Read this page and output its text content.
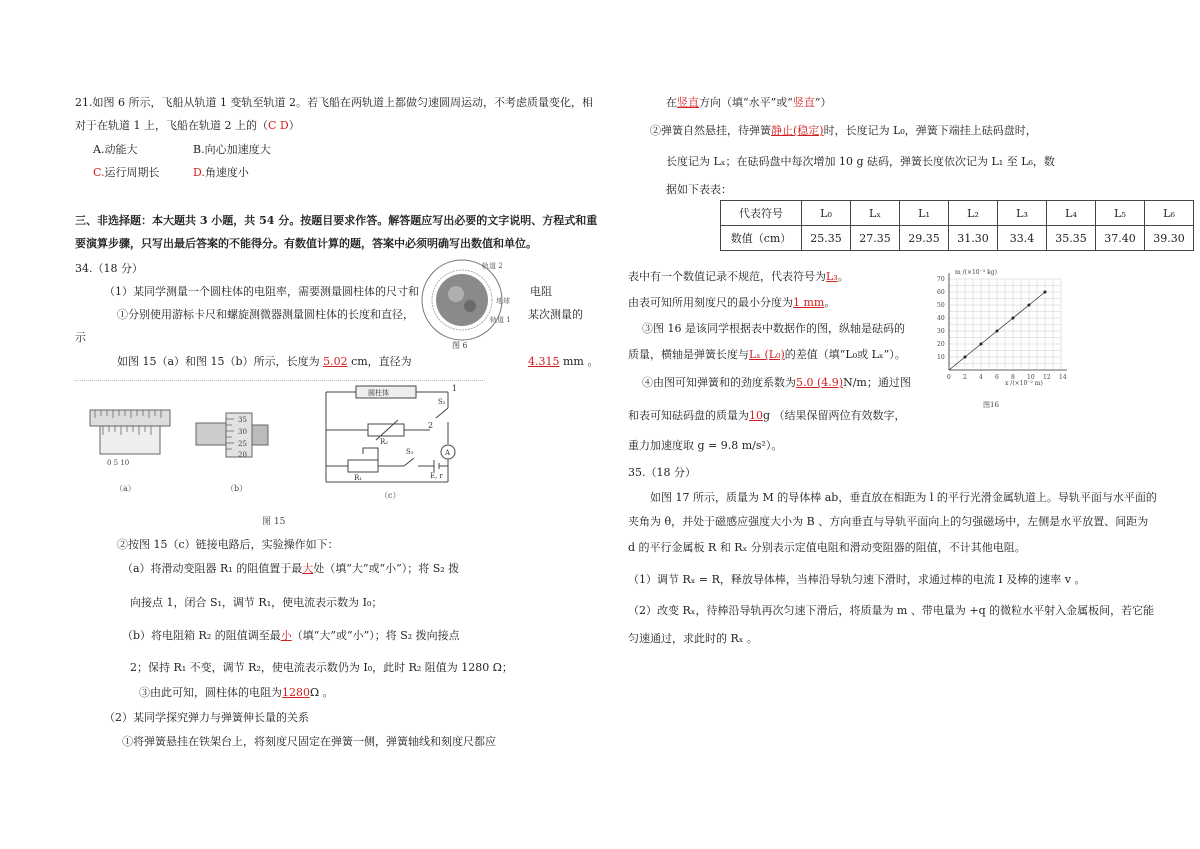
21.如图 6 所示，飞船从轨道 1 变轨至轨道 2。若飞船在两轨道上都做匀速圆周运动，不考虑质量变化，相
对于在轨道 1 上，飞船在轨道 2 上的（C D）
A.动能大	B.向心加速度大
C.运行周期长	D.角速度小
三、非选择题：本大题共 3 小题，共 54 分。按题目要求作答。解答题应写出必要的文字说明、方程式和重
要演算步骤，只写出最后答案的不能得分。有数值计算的题，答案中必须明确写出数值和单位。
34.（18 分）
（1）某同学测量一个圆柱体的电阻率，需要测量圆柱体的尺寸和	电阻
①分别使用游标卡尺和螺旋测微器测量圆柱体的长度和直径，	某次测量的
示
如图 15（a）和图 15（b）所示，长度为 5.02 cm，直径为	4.315 mm 。
轨道 2
地球
轨道 1
图 6
0 5 10
（a）
35
30
25
20
（b）
圆柱体	1
2
A
R₂
R₁
S₂
S₁
E, r
（c）
图 15
②按图 15（c）链接电路后，实验操作如下：
（a）将滑动变阻器 R₁ 的阻值置于最大处（填“大”或“小”）；将 S₂ 拨
向接点 1，闭合 S₁，调节 R₁，使电流表示数为 I₀；
（b）将电阻箱 R₂ 的阻值调至最小（填“大”或“小”）；将 S₂ 拨向接点
2；保持 R₁ 不变，调节 R₂，使电流表示数仍为 I₀，此时 R₂ 阻值为 1280 Ω；
③由此可知，圆柱体的电阻为1280Ω 。
（2）某同学探究弹力与弹簧伸长量的关系
①将弹簧悬挂在铁架台上，将刻度尺固定在弹簧一侧，弹簧轴线和刻度尺都应
在竖直方向（填“水平”或“竖直”）
②弹簧自然悬挂，待弹簧静止(稳定)时，长度记为 L₀，弹簧下端挂上砝码盘时，
长度记为 Lₓ；在砝码盘中每次增加 10 g 砝码，弹簧长度依次记为 L₁ 至 L₆，数
据如下表表：
代表符号	L₀	Lₓ	L₁	L₂	L₃	L₄	L₅	L₆
数值（cm）	25.35	27.35	29.35	31.30	33.4	35.35	37.40	39.30
表中有一个数值记录不规范，代表符号为L₃。
由表可知所用刻度尺的最小分度为1 mm。
③图 16 是该同学根据表中数据作的图，纵轴是砝码的
质量，横轴是弹簧长度与Lₓ (L₀)的差值（填“L₀或 Lₓ”）。
④由图可知弹簧和的劲度系数为5.0 (4.9)N/m；通过图
和表可知砝码盘的质量为10g （结果保留两位有效数字，
重力加速度取 g = 9.8 m/s²）。
m /(×10⁻³ kg)
x /(×10⁻² m)
图16
0 2 4 6 8 10 12 14
10
20
30
40
50
60
70
35.（18 分）
如图 17 所示，质量为 M 的导体棒 ab，垂直放在相距为 l 的平行光滑金属轨道上。导轨平面与水平面的
夹角为 θ，并处于磁感应强度大小为 B 、方向垂直与导轨平面向上的匀强磁场中，左侧是水平放置、间距为
d 的平行金属板 R 和 Rₓ 分别表示定值电阻和滑动变阻器的阻值，不计其他电阻。
（1）调节 Rₓ = R，释放导体棒，当棒沿导轨匀速下滑时，求通过棒的电流 I 及棒的速率 v 。
（2）改变 Rₓ，待棒沿导轨再次匀速下滑后，将质量为 m 、带电量为 +q 的微粒水平射入金属板间，若它能
匀速通过，求此时的 Rₓ 。
